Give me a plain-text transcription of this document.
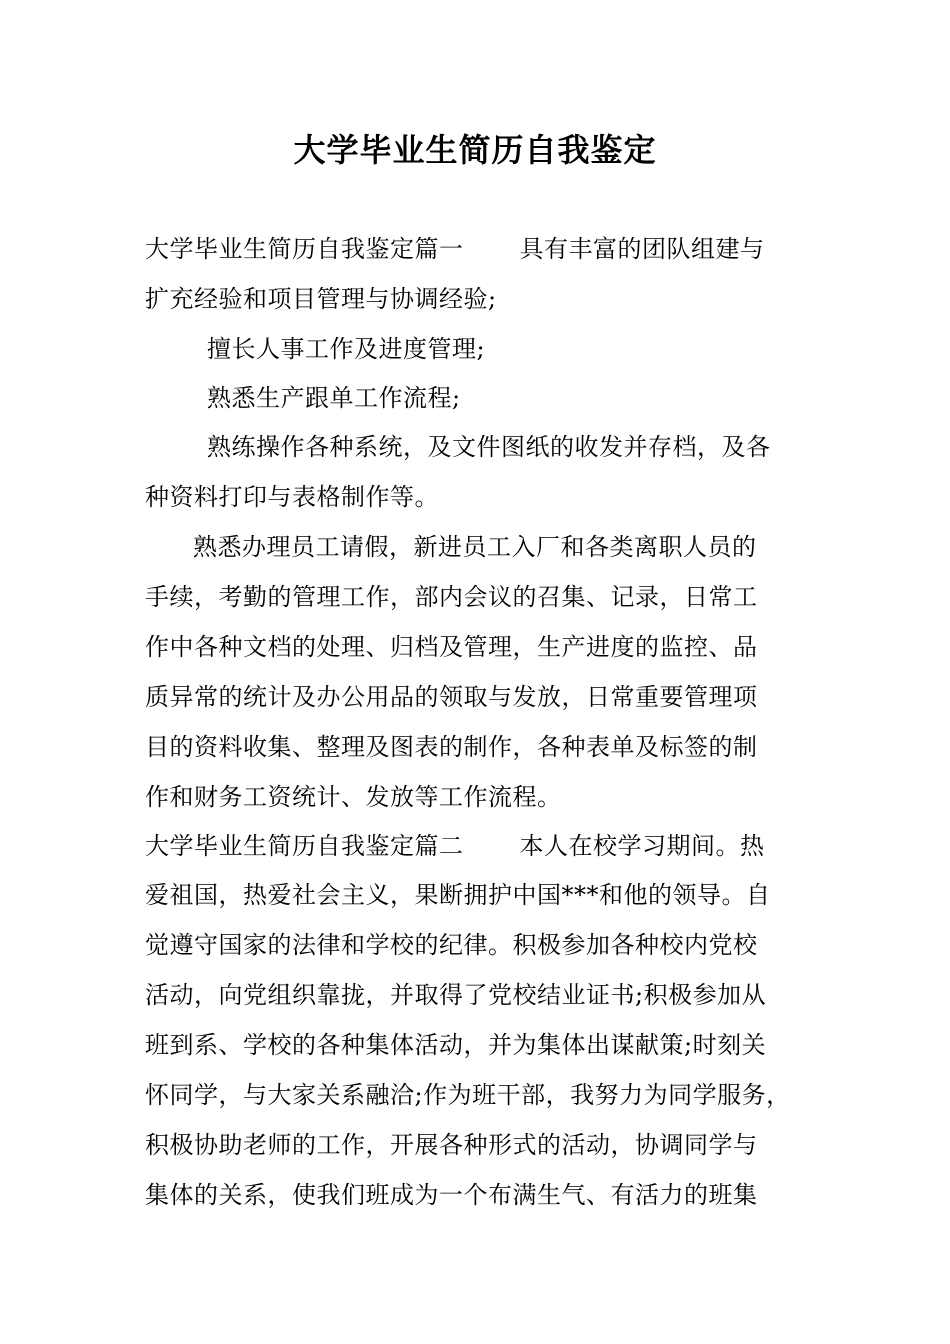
大学毕业生简历自我鉴定
大学毕业生简历自我鉴定篇一 具有丰富的团队组建与
扩充经验和项目管理与协调经验;
擅长人事工作及进度管理;
熟悉生产跟单工作流程;
熟练操作各种系统，及文件图纸的收发并存档，及各
种资料打印与表格制作等。
熟悉办理员工请假，新进员工入厂和各类离职人员的
手续，考勤的管理工作，部内会议的召集、记录，日常工
作中各种文档的处理、归档及管理，生产进度的监控、品
质异常的统计及办公用品的领取与发放，日常重要管理项
目的资料收集、整理及图表的制作，各种表单及标签的制
作和财务工资统计、发放等工作流程。
大学毕业生简历自我鉴定篇二 本人在校学习期间。热
爱祖国，热爱社会主义，果断拥护中国***和他的领导。自
觉遵守国家的法律和学校的纪律。积极参加各种校内党校
活动，向党组织靠拢，并取得了党校结业证书;积极参加从
班到系、学校的各种集体活动，并为集体出谋献策;时刻关
怀同学，与大家关系融洽;作为班干部，我努力为同学服务，
积极协助老师的工作，开展各种形式的活动，协调同学与
集体的关系，使我们班成为一个布满生气、有活力的班集
